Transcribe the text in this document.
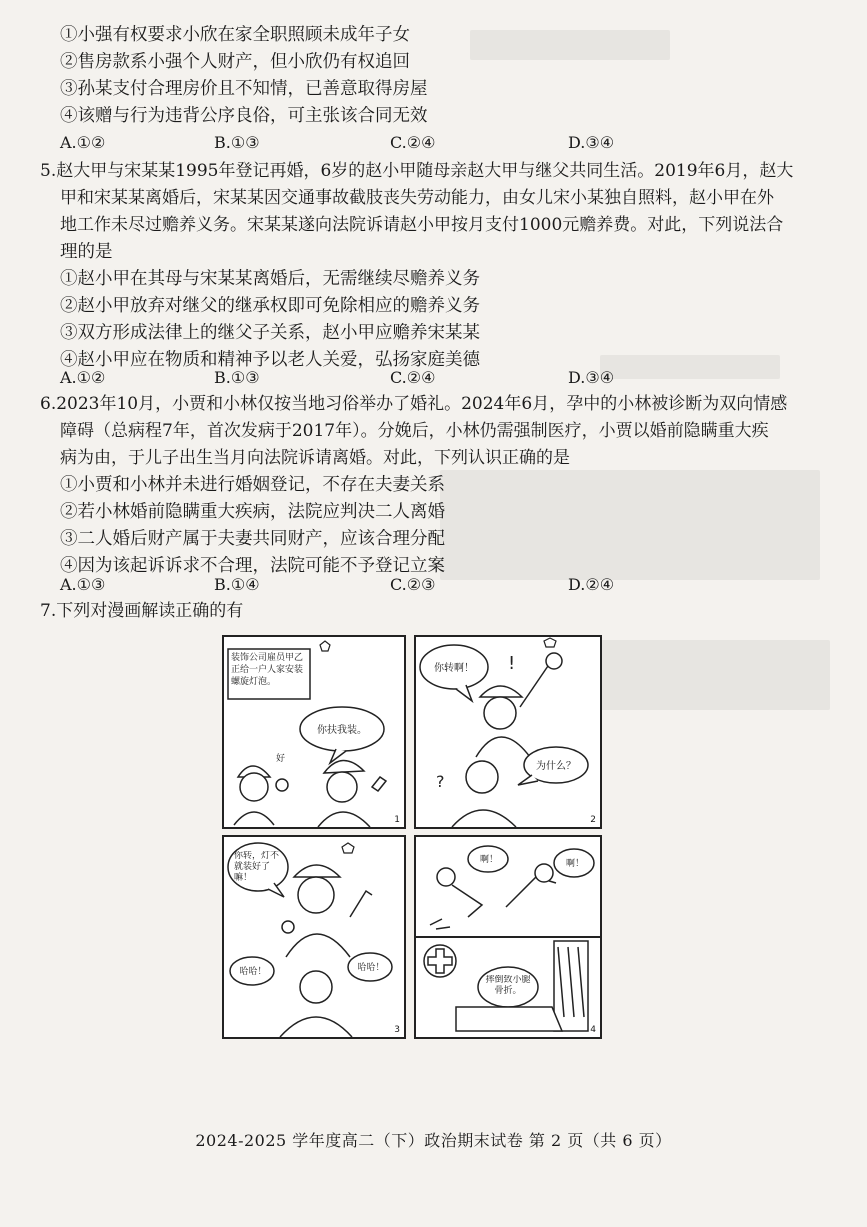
①小强有权要求小欣在家全职照顾未成年子女
②售房款系小强个人财产，但小欣仍有权追回
③孙某支付合理房价且不知情，已善意取得房屋
④该赠与行为违背公序良俗，可主张该合同无效
A.①②	B.①③	C.②④	D.③④
5.赵大甲与宋某某1995年登记再婚，6岁的赵小甲随母亲赵大甲与继父共同生活。2019年6月，赵大
甲和宋某某离婚后，宋某某因交通事故截肢丧失劳动能力，由女儿宋小某独自照料，赵小甲在外
地工作未尽过赡养义务。宋某某遂向法院诉请赵小甲按月支付1000元赡养费。对此，下列说法合
理的是
①赵小甲在其母与宋某某离婚后，无需继续尽赡养义务
②赵小甲放弃对继父的继承权即可免除相应的赡养义务
③双方形成法律上的继父子关系，赵小甲应赡养宋某某
④赵小甲应在物质和精神予以老人关爱，弘扬家庭美德
A.①②	B.①③	C.②④	D.③④
6.2023年10月，小贾和小林仅按当地习俗举办了婚礼。2024年6月，孕中的小林被诊断为双向情感
障碍（总病程7年，首次发病于2017年）。分娩后，小林仍需强制医疗，小贾以婚前隐瞒重大疾
病为由，于儿子出生当月向法院诉请离婚。对此，下列认识正确的是
①小贾和小林并未进行婚姻登记，不存在夫妻关系
②若小林婚前隐瞒重大疾病，法院应判决二人离婚
③二人婚后财产属于夫妻共同财产，应该合理分配
④因为该起诉诉求不合理，法院可能不予登记立案
A.①③	B.①④	C.②③	D.②④
7.下列对漫画解读正确的有
装饰公司雇员甲乙正给一户人家安装螺旋灯泡。
你扶我装。
好
1
你转啊！	!
为什么？
?
2
你转，灯不就装好了嘛！
哈哈！	哈哈！
3
啊！	啊！
摔倒致小腿骨折。
4
2024-2025 学年度高二（下）政治期末试卷 第 2 页（共 6 页）
